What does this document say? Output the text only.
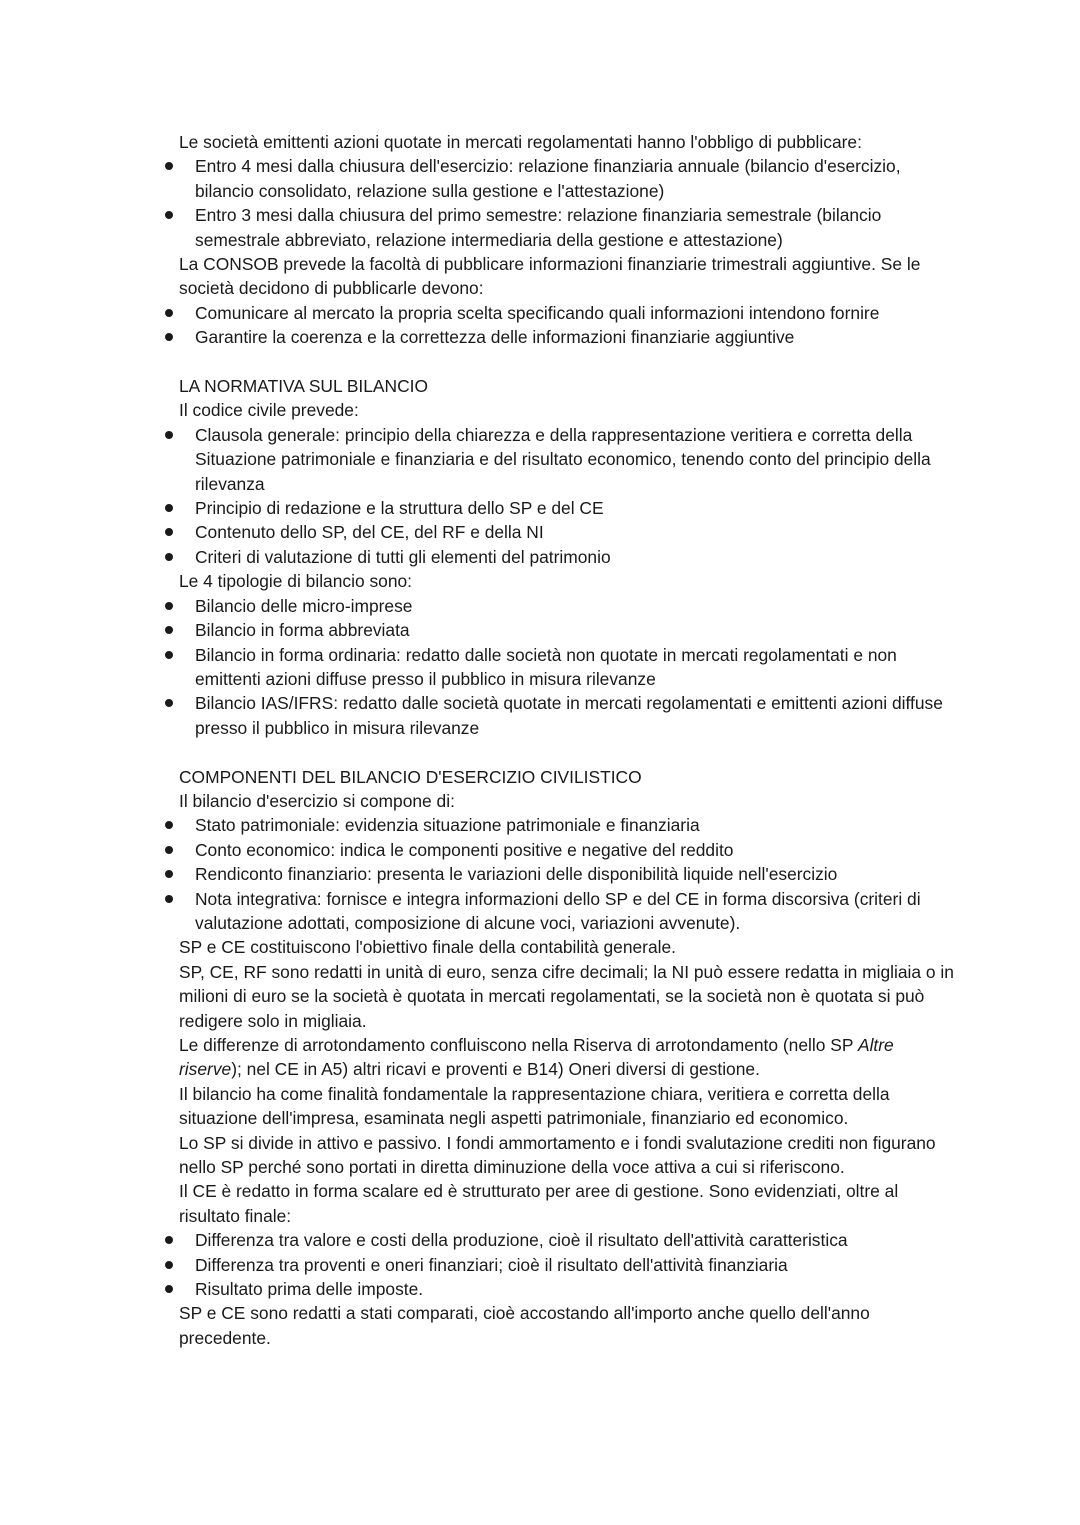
Le società emittenti azioni quotate in mercati regolamentati hanno l'obbligo di pubblicare:

Entro 4 mesi dalla chiusura dell'esercizio: relazione finanziaria annuale (bilancio d'esercizio, bilancio consolidato, relazione sulla gestione e l'attestazione)
Entro 3 mesi dalla chiusura del primo semestre: relazione finanziaria semestrale (bilancio semestrale abbreviato, relazione intermediaria della gestione e attestazione)

La CONSOB prevede la facoltà di pubblicare informazioni finanziarie trimestrali aggiuntive. Se le società decidono di pubblicarle devono:

Comunicare al mercato la propria scelta specificando quali informazioni intendono fornire
Garantire la coerenza e la correttezza delle informazioni finanziarie aggiuntive

LA NORMATIVA SUL BILANCIO

Il codice civile prevede:

Clausola generale: principio della chiarezza e della rappresentazione veritiera e corretta della Situazione patrimoniale e finanziaria e del risultato economico, tenendo conto del principio della rilevanza
Principio di redazione e la struttura dello SP e del CE
Contenuto dello SP, del CE, del RF e della NI
Criteri di valutazione di tutti gli elementi del patrimonio

Le 4 tipologie di bilancio sono:

Bilancio delle micro-imprese
Bilancio in forma abbreviata
Bilancio in forma ordinaria: redatto dalle società non quotate in mercati regolamentati e non emittenti azioni diffuse presso il pubblico in misura rilevanze
Bilancio IAS/IFRS: redatto dalle società quotate in mercati regolamentati e emittenti azioni diffuse presso il pubblico in misura rilevanze

COMPONENTI DEL BILANCIO D'ESERCIZIO CIVILISTICO

Il bilancio d'esercizio si compone di:

Stato patrimoniale: evidenzia situazione patrimoniale e finanziaria
Conto economico: indica le componenti positive e negative del reddito
Rendiconto finanziario: presenta le variazioni delle disponibilità liquide nell'esercizio
Nota integrativa: fornisce e integra informazioni dello SP e del CE in forma discorsiva (criteri di valutazione adottati, composizione di alcune voci, variazioni avvenute).

SP e CE costituiscono l'obiettivo finale della contabilità generale.

SP, CE, RF sono redatti in unità di euro, senza cifre decimali; la NI può essere redatta in migliaia o in milioni di euro se la società è quotata in mercati regolamentati, se la società non è quotata si può redigere solo in migliaia.

Le differenze di arrotondamento confluiscono nella Riserva di arrotondamento (nello SP Altre riserve); nel CE in A5) altri ricavi e proventi e B14) Oneri diversi di gestione.

Il bilancio ha come finalità fondamentale la rappresentazione chiara, veritiera e corretta della situazione dell'impresa, esaminata negli aspetti patrimoniale, finanziario ed economico.

Lo SP si divide in attivo e passivo. I fondi ammortamento e i fondi svalutazione crediti non figurano nello SP perché sono portati in diretta diminuzione della voce attiva a cui si riferiscono.

Il CE è redatto in forma scalare ed è strutturato per aree di gestione. Sono evidenziati, oltre al risultato finale:

Differenza tra valore e costi della produzione, cioè il risultato dell'attività caratteristica
Differenza tra proventi e oneri finanziari; cioè il risultato dell'attività finanziaria
Risultato prima delle imposte.

SP e CE sono redatti a stati comparati, cioè accostando all'importo anche quello dell'anno precedente.
